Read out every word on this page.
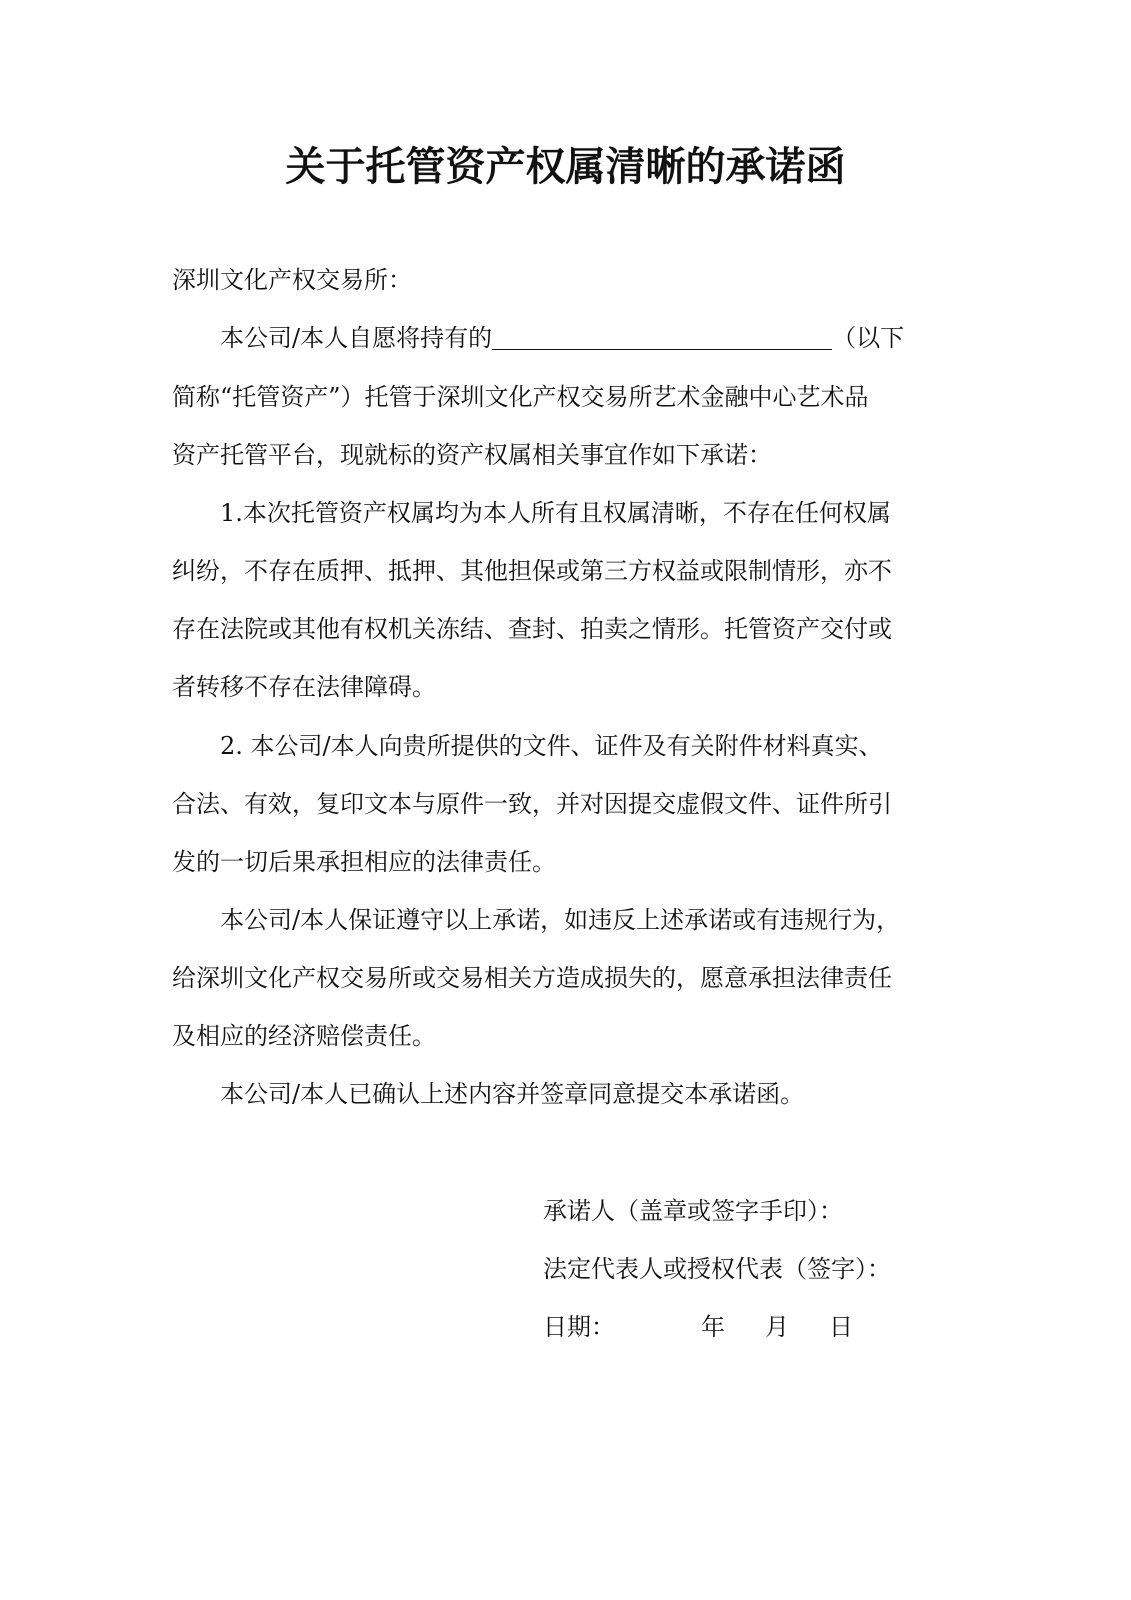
关于托管资产权属清晰的承诺函
深圳文化产权交易所：
本公司/本人自愿将持有的	（以下
简称“托管资产”）托管于深圳文化产权交易所艺术金融中心艺术品
资产托管平台，现就标的资产权属相关事宜作如下承诺：
1.本次托管资产权属均为本人所有且权属清晰，不存在任何权属
纠纷，不存在质押、抵押、其他担保或第三方权益或限制情形，亦不
存在法院或其他有权机关冻结、查封、拍卖之情形。托管资产交付或
者转移不存在法律障碍。
2. 本公司/本人向贵所提供的文件、证件及有关附件材料真实、
合法、有效，复印文本与原件一致，并对因提交虚假文件、证件所引
发的一切后果承担相应的法律责任。
本公司/本人保证遵守以上承诺，如违反上述承诺或有违规行为，
给深圳文化产权交易所或交易相关方造成损失的，愿意承担法律责任
及相应的经济赔偿责任。
本公司/本人已确认上述内容并签章同意提交本承诺函。
承诺人（盖章或签字手印）：
法定代表人或授权代表（签字）：
日期：	年 月 日
